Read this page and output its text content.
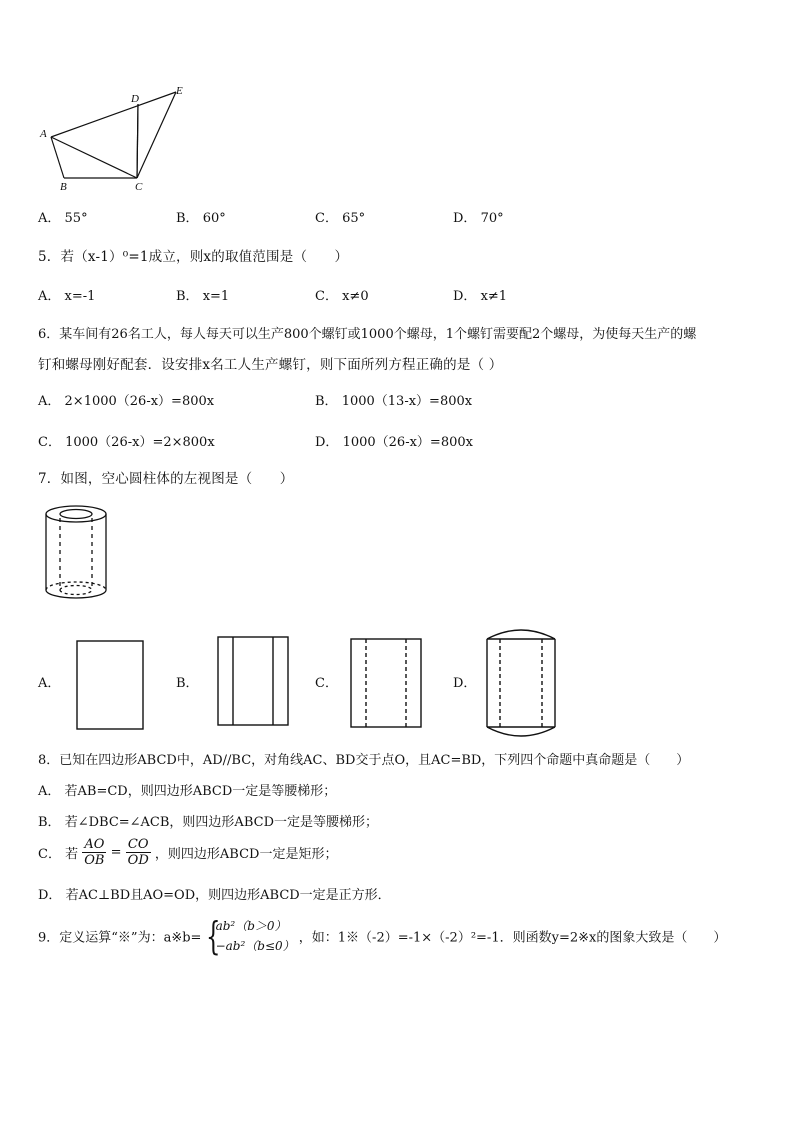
A
B	C
D
E
A． 55°	B． 60°	C． 65°	D． 70°
5．若（x-1）⁰=1成立，则x的取值范围是（　　）
A． x=-1	B． x=1	C． x≠0	D． x≠1
6．某车间有26名工人，每人每天可以生产800个螺钉或1000个螺母，1个螺钉需要配2个螺母，为使每天生产的螺
钉和螺母刚好配套．设安排x名工人生产螺钉，则下面所列方程正确的是（ ）
A． 2×1000（26-x）=800x	B． 1000（13-x）=800x
C． 1000（26-x）=2×800x	D． 1000（26-x）=800x
7．如图，空心圆柱体的左视图是（　　）
A．	B．	C．	D．
8．已知在四边形ABCD中，AD//BC，对角线AC、BD交于点O，且AC=BD，下列四个命题中真命题是（　　）
A． 若AB=CD，则四边形ABCD一定是等腰梯形；
B． 若∠DBC=∠ACB，则四边形ABCD一定是等腰梯形；
C． 若 $\frac{AO}{OB} = \frac{CO}{OD}$ ，则四边形ABCD一定是矩形；
D． 若AC⊥BD且AO=OD，则四边形ABCD一定是正方形．
9．定义运算“※”为：a※b= {
ab²（b＞0）
−ab²（b≤0）
，如：1※（-2）=-1×（-2）²=-1．则函数y=2※x的图象大致是（　　）
